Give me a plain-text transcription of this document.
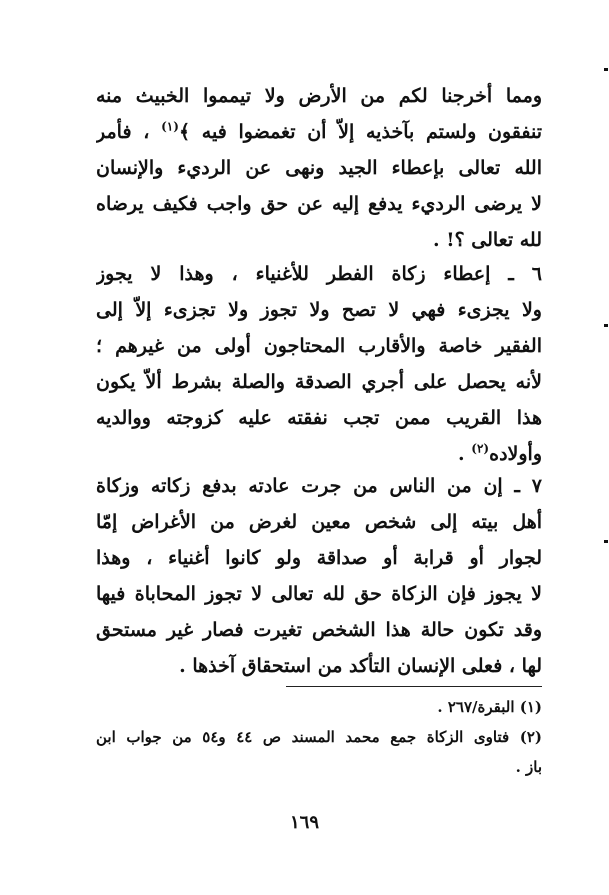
ومما أخرجنا لكم من الأرض ولا تيمموا الخبيث منه
تنفقون ولستم بآخذيه إلاّ أن تغمضوا فيه ﴾$^{(١)}$ ، فأمر
الله تعالى بإعطاء الجيد ونهى عن الرديء والإنسان
لا يرضى الرديء يدفع إليه عن حق واجب فكيف يرضاه
لله تعالى ؟! .
٦ ـ إعطاء زكاة الفطر للأغنياء ، وهذا لا يجوز
ولا يجزىء فهي لا تصح ولا تجوز ولا تجزىء إلاّ إلى
الفقير خاصة والأقارب المحتاجون أولى من غيرهم ؛
لأنه يحصل على أجري الصدقة والصلة بشرط ألاّ يكون
هذا القريب ممن تجب نفقته عليه كزوجته ووالديه
وأولاده$^{(٢)}$ .
٧ ـ إن من الناس من جرت عادته بدفع زكاته وزكاة
أهل بيته إلى شخص معين لغرض من الأغراض إمّا
لجوار أو قرابة أو صداقة ولو كانوا أغنياء ، وهذا
لا يجوز فإن الزكاة حق لله تعالى لا تجوز المحاباة فيها
وقد تكون حالة هذا الشخص تغيرت فصار غير مستحق
لها ، فعلى الإنسان التأكد من استحقاق آخذها .
(١) البقرة/٢٦٧ .
(٢) فتاوى الزكاة جمع محمد المسند ص ٤٤ و٥٤ من جواب ابن
باز .
١٦٩
